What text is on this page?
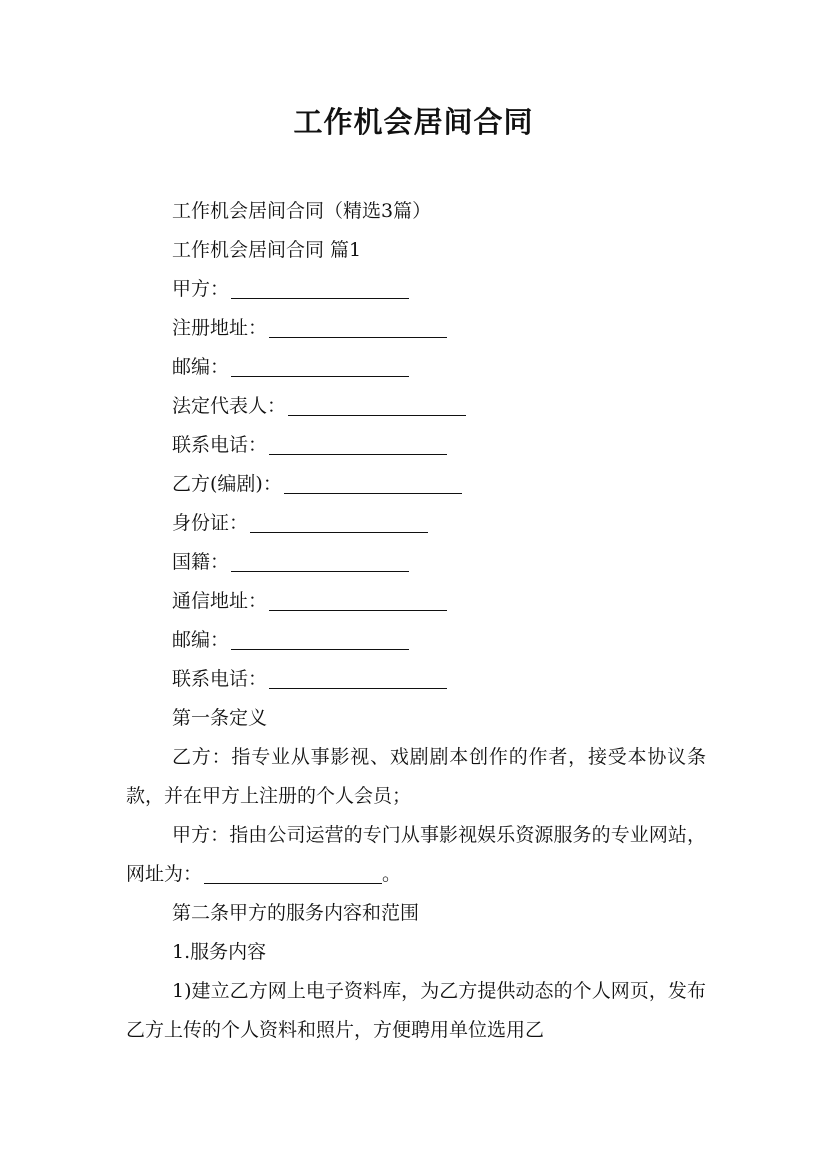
工作机会居间合同
工作机会居间合同（精选3篇）
工作机会居间合同 篇1
甲方：
注册地址：
邮编：
法定代表人：
联系电话：
乙方(编剧)：
身份证：
国籍：
通信地址：
邮编：
联系电话：
第一条定义
乙方：指专业从事影视、戏剧剧本创作的作者，接受本协议条款，并在甲方上注册的个人会员；
甲方：指由公司运营的专门从事影视娱乐资源服务的专业网站，网址为：	。
第二条甲方的服务内容和范围
1.服务内容
1)建立乙方网上电子资料库，为乙方提供动态的个人网页，发布乙方上传的个人资料和照片，方便聘用单位选用乙
